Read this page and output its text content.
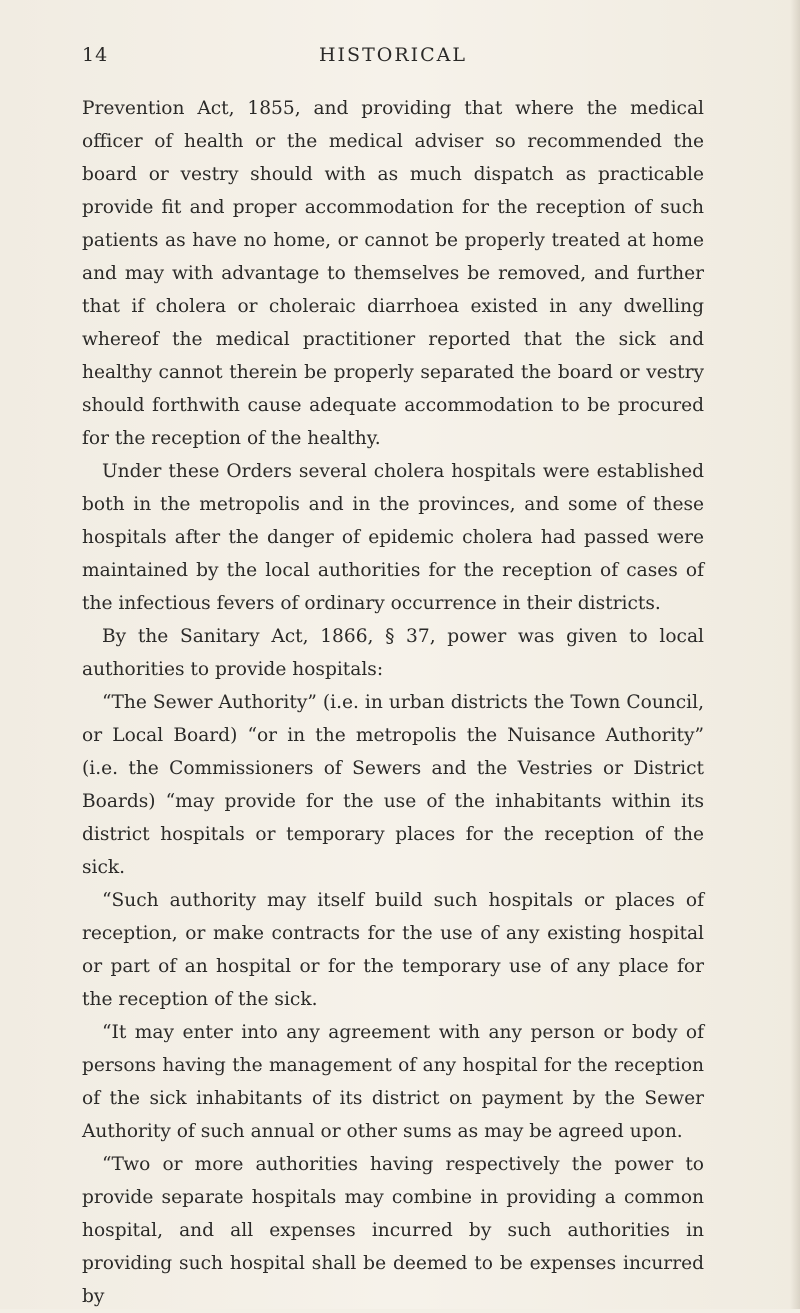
14	HISTORICAL

Prevention Act, 1855, and providing that where the medical officer of health or the medical adviser so recommended the board or vestry should with as much dispatch as practicable provide fit and proper accommodation for the reception of such patients as have no home, or cannot be properly treated at home and may with advantage to themselves be removed, and further that if cholera or choleraic diarrhoea existed in any dwelling whereof the medical practitioner reported that the sick and healthy cannot therein be properly separated the board or vestry should forthwith cause adequate accommodation to be procured for the reception of the healthy.

Under these Orders several cholera hospitals were established both in the metropolis and in the provinces, and some of these hospitals after the danger of epidemic cholera had passed were maintained by the local authorities for the reception of cases of the infectious fevers of ordinary occurrence in their districts.

By the Sanitary Act, 1866, § 37, power was given to local authorities to provide hospitals:

“The Sewer Authority” (i.e. in urban districts the Town Council, or Local Board) “or in the metropolis the Nuisance Authority” (i.e. the Commissioners of Sewers and the Vestries or District Boards) “may provide for the use of the inhabitants within its district hospitals or temporary places for the reception of the sick.

“Such authority may itself build such hospitals or places of reception, or make contracts for the use of any existing hospital or part of an hospital or for the temporary use of any place for the reception of the sick.

“It may enter into any agreement with any person or body of persons having the management of any hospital for the reception of the sick inhabitants of its district on payment by the Sewer Authority of such annual or other sums as may be agreed upon.

“Two or more authorities having respectively the power to provide separate hospitals may combine in providing a common hospital, and all expenses incurred by such authorities in providing such hospital shall be deemed to be expenses incurred by
